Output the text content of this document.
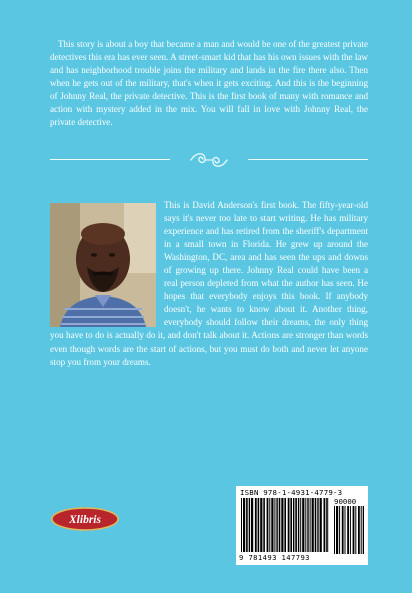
This story is about a boy that became a man and would be one of the greatest private detectives this era has ever seen. A street-smart kid that has his own issues with the law and has neighborhood trouble joins the military and lands in the fire there also. Then when he gets out of the military, that's when it gets exciting. And this is the beginning of Johnny Real, the private detective. This is the first book of many with romance and action with mystery added in the mix. You will fall in love with Johnny Real, the private detective.

This is David Anderson's first book. The fifty-year-old says it's never too late to start writing. He has military experience and has retired from the sheriff's department in a small town in Florida. He grew up around the Washington, DC, area and has seen the ups and downs of growing up there. Johnny Real could have been a real person depleted from what the author has seen. He hopes that everybody enjoys this book. If anybody doesn't, he wants to know about it. Another thing, everybody should follow their dreams, the only thing you have to do is actually do it, and don't talk about it. Actions are stronger than words even though words are the start of actions, but you must do both and never let anyone stop you from your dreams.

Xlibris
ISBN 978-1-4931-4779-3
90000
9 781493 147793
